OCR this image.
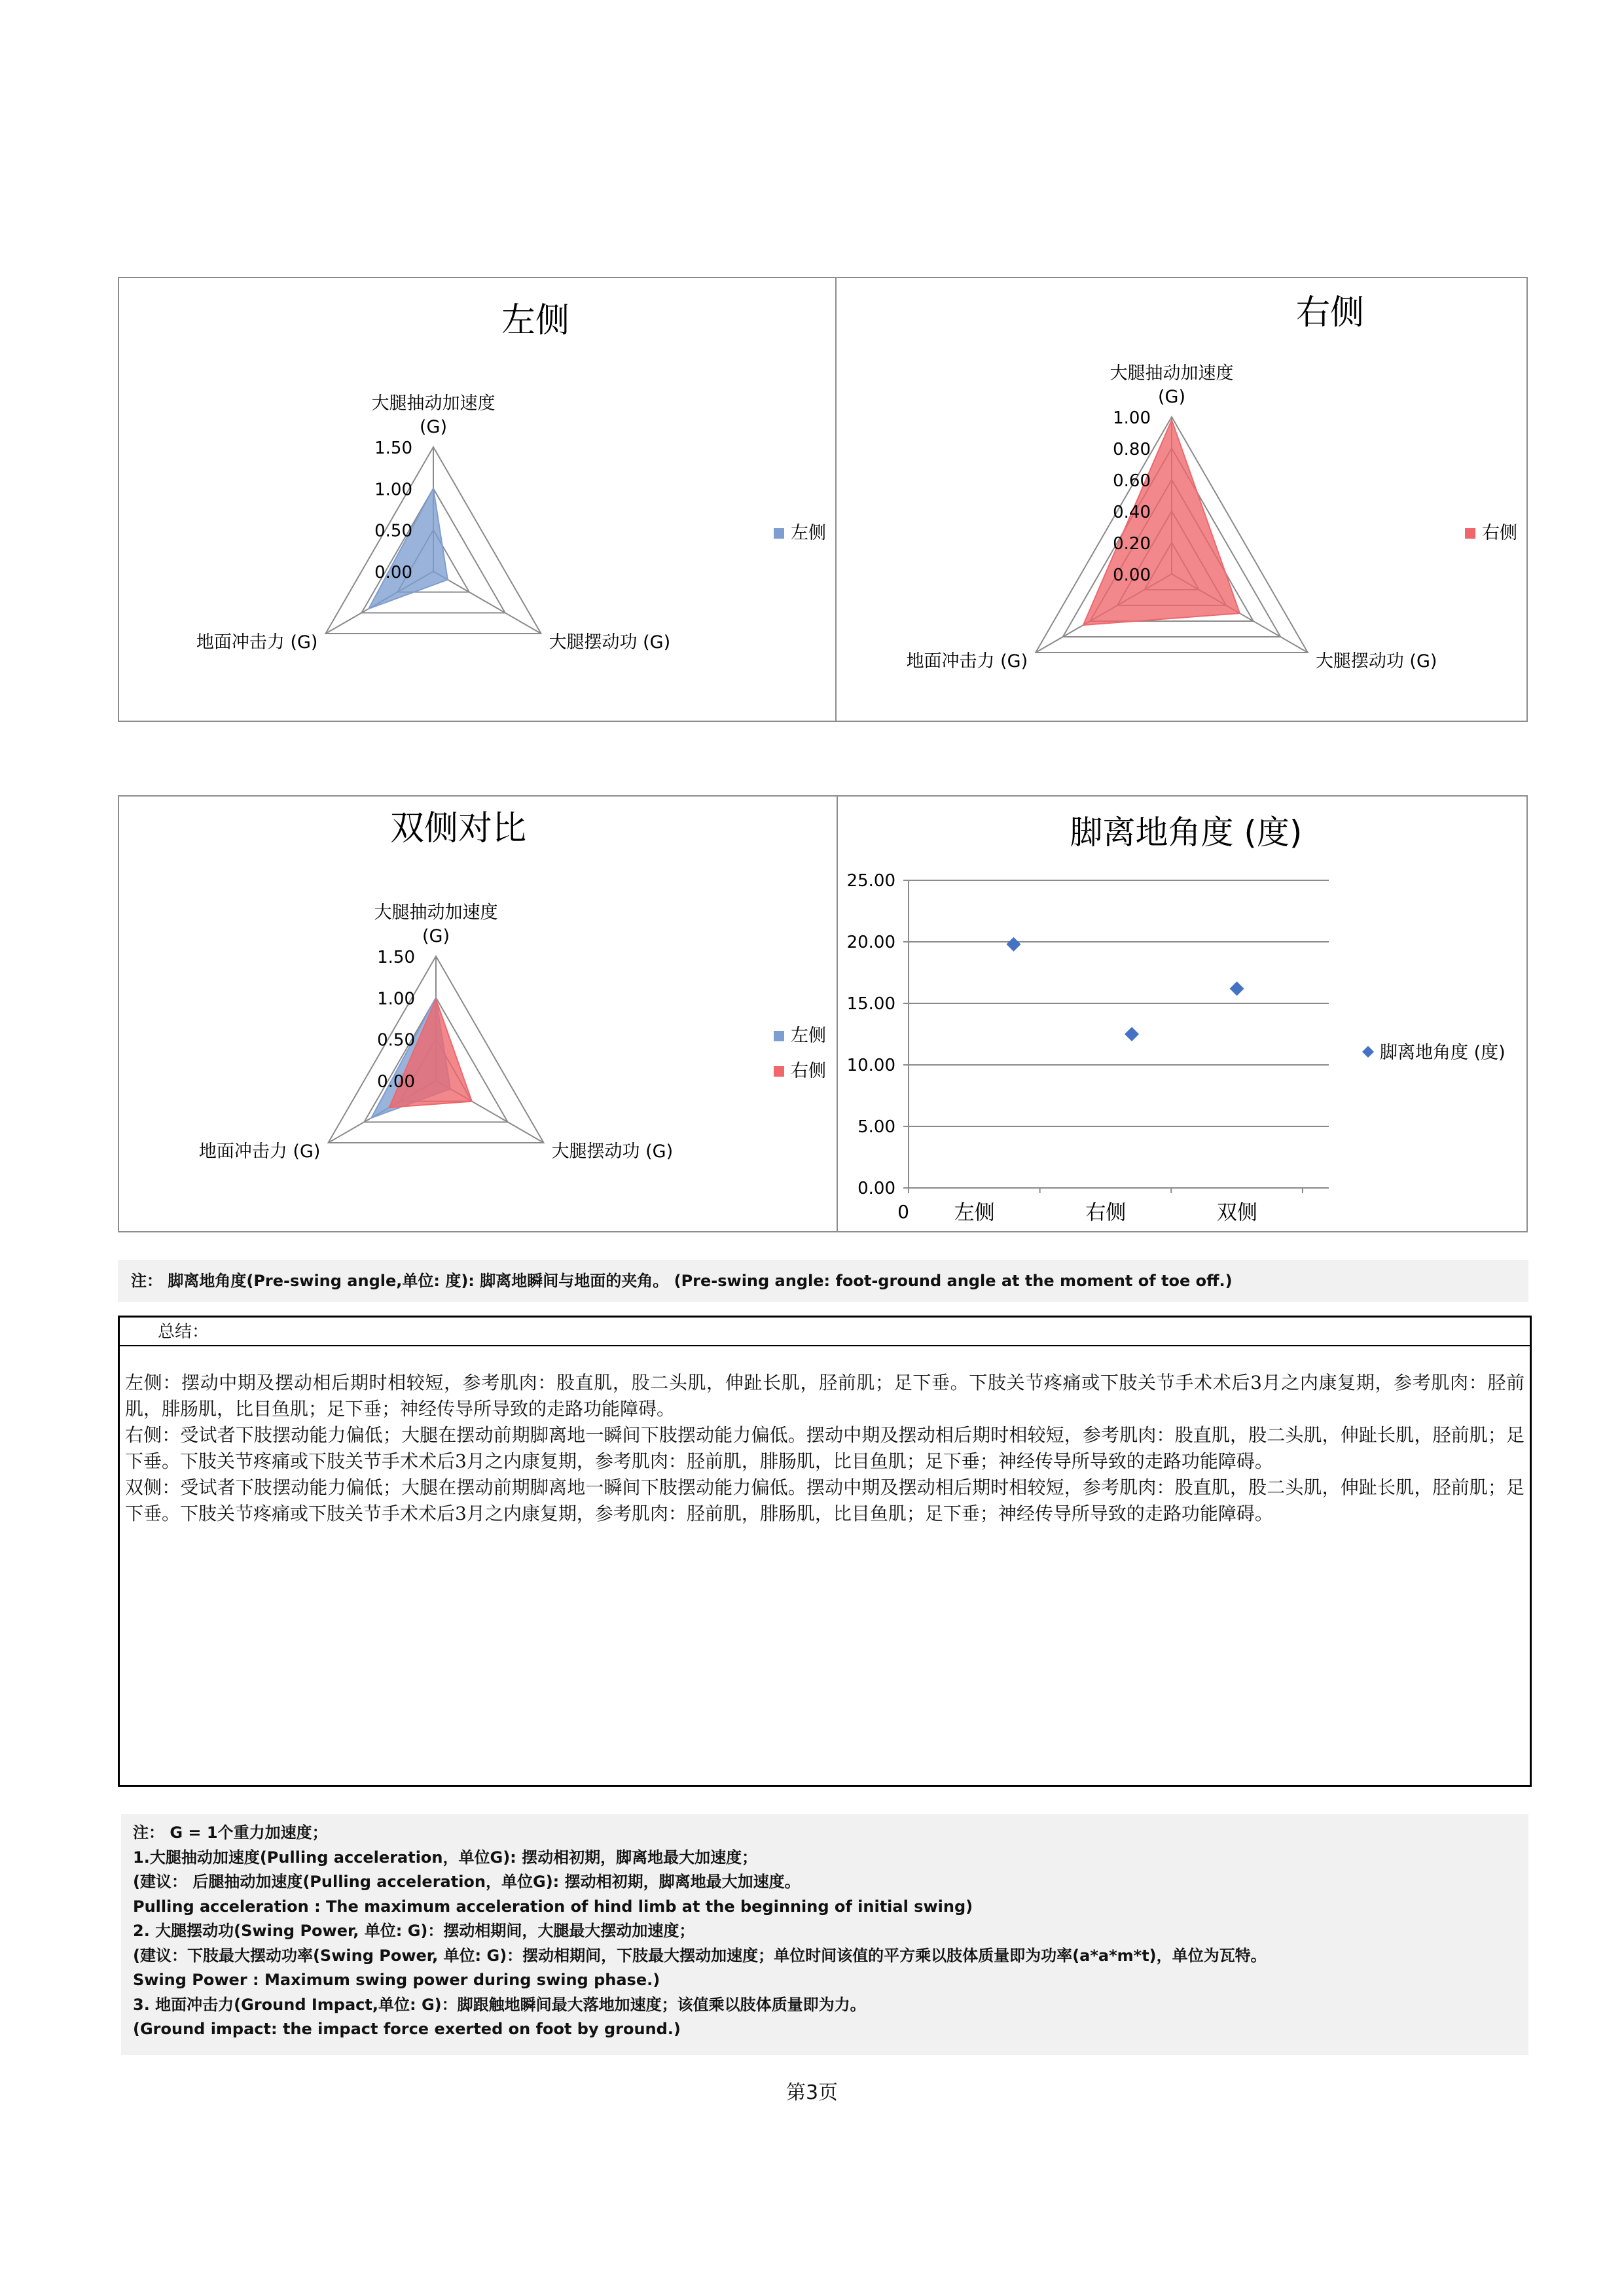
1.50
1.00
0.50
0.00
左侧
大腿抽动加速度
(G)
大腿摆动功 (G)
地面冲击力 (G)
左侧
1.00
0.80
0.60
0.40
0.20
0.00
右侧
大腿抽动加速度
(G)
大腿摆动功 (G)
地面冲击力 (G)
右侧
1.50
1.00
0.50
0.00
双侧对比
大腿抽动加速度
(G)
大腿摆动功 (G)
地面冲击力 (G)
左侧
右侧
脚离地角度 (度)
25.00
20.00
15.00
10.00
5.00
0.00
0 左侧	右侧	双侧
脚离地角度 (度)
注： 脚离地角度(Pre-swing angle,单位: 度): 脚离地瞬间与地面的夹角。 (Pre-swing angle: foot-ground angle at the moment of toe off.)
总结：

左侧：摆动中期及摆动相后期时相较短，参考肌肉：股直肌，股二头肌，伸趾长肌，胫前肌；足下垂。下肢关节疼痛或下肢关节手术术后3月之内康复期，参考肌肉：胫前肌，腓肠肌，比目鱼肌；足下垂；神经传导所导致的走路功能障碍。

右侧：受试者下肢摆动能力偏低；大腿在摆动前期脚离地一瞬间下肢摆动能力偏低。摆动中期及摆动相后期时相较短，参考肌肉：股直肌，股二头肌，伸趾长肌，胫前肌；足下垂。下肢关节疼痛或下肢关节手术术后3月之内康复期，参考肌肉：胫前肌，腓肠肌，比目鱼肌；足下垂；神经传导所导致的走路功能障碍。

双侧：受试者下肢摆动能力偏低；大腿在摆动前期脚离地一瞬间下肢摆动能力偏低。摆动中期及摆动相后期时相较短，参考肌肉：股直肌，股二头肌，伸趾长肌，胫前肌；足下垂。下肢关节疼痛或下肢关节手术术后3月之内康复期，参考肌肉：胫前肌，腓肠肌，比目鱼肌；足下垂；神经传导所导致的走路功能障碍。

注： G = 1个重力加速度；

1.大腿抽动加速度(Pulling acceleration，单位G): 摆动相初期，脚离地最大加速度；

(建议： 后腿抽动加速度(Pulling acceleration，单位G): 摆动相初期，脚离地最大加速度。

Pulling acceleration : The maximum acceleration of hind limb at the beginning of initial swing)

2. 大腿摆动功(Swing Power, 单位: G)：摆动相期间，大腿最大摆动加速度；

(建议：下肢最大摆动功率(Swing Power, 单位: G)：摆动相期间，下肢最大摆动加速度；单位时间该值的平方乘以肢体质量即为功率(a*a*m*t)，单位为瓦特。

Swing Power : Maximum swing power during swing phase.)

3. 地面冲击力(Ground Impact,单位: G)：脚跟触地瞬间最大落地加速度；该值乘以肢体质量即为力。

(Ground impact: the impact force exerted on foot by ground.)

第3页
